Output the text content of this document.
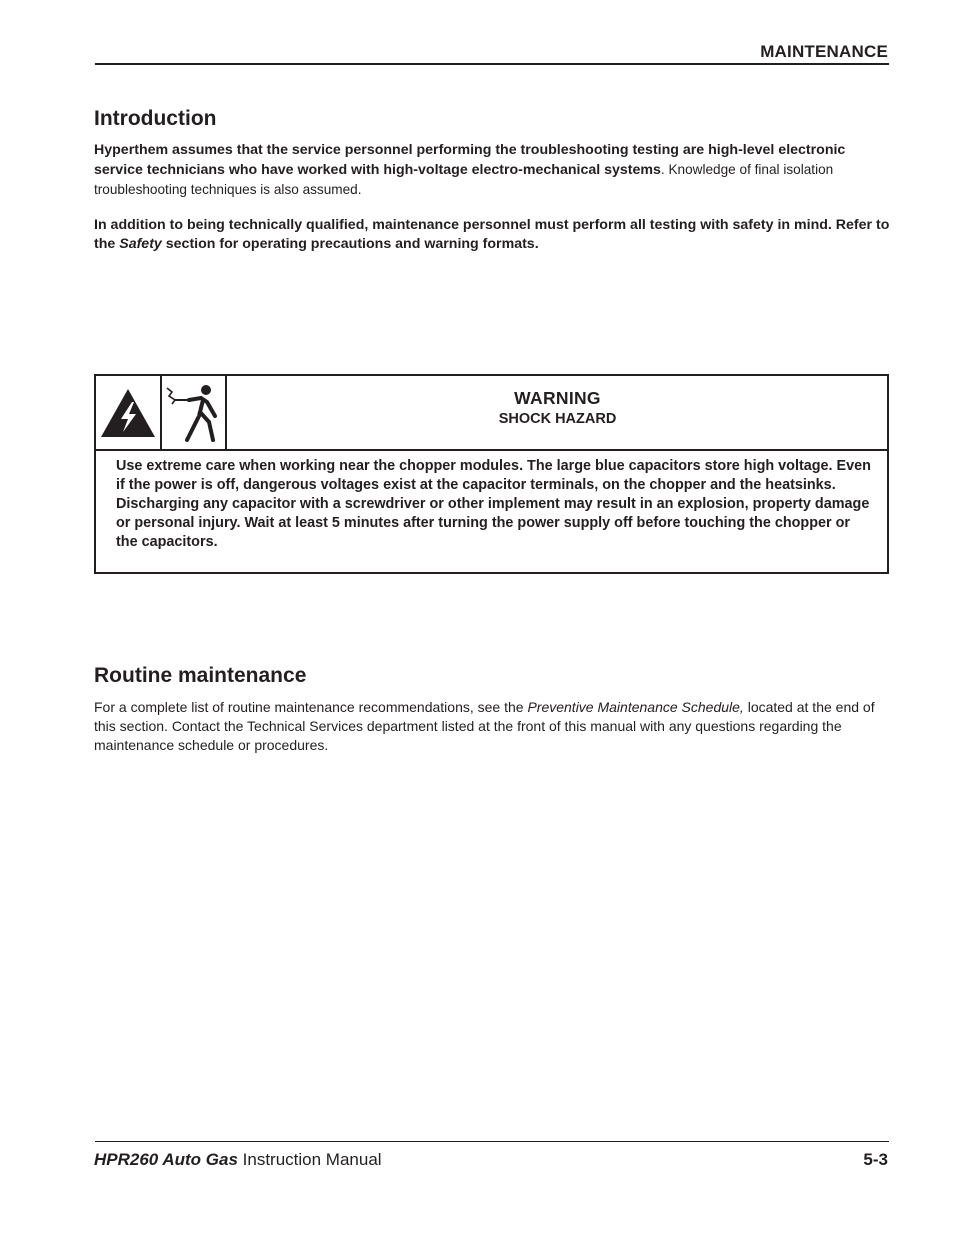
MAINTENANCE
Introduction
Hyperthem assumes that the service personnel performing the troubleshooting testing are high-level electronic service technicians who have worked with high-voltage electro-mechanical systems. Knowledge of final isolation troubleshooting techniques is also assumed.
In addition to being technically qualified, maintenance personnel must perform all testing with safety in mind. Refer to the Safety section for operating precautions and warning formats.
WARNING
SHOCK HAZARD
Use extreme care when working near the chopper modules. The large blue capacitors store high voltage. Even if the power is off, dangerous voltages exist at the capacitor terminals, on the chopper and the heatsinks. Discharging any capacitor with a screwdriver or other implement may result in an explosion, property damage or personal injury. Wait at least 5 minutes after turning the power supply off before touching the chopper or the capacitors.
Routine maintenance
For a complete list of routine maintenance recommendations, see the Preventive Maintenance Schedule, located at the end of this section. Contact the Technical Services department listed at the front of this manual with any questions regarding the maintenance schedule or procedures.
HPR260 Auto Gas Instruction Manual	5-3
